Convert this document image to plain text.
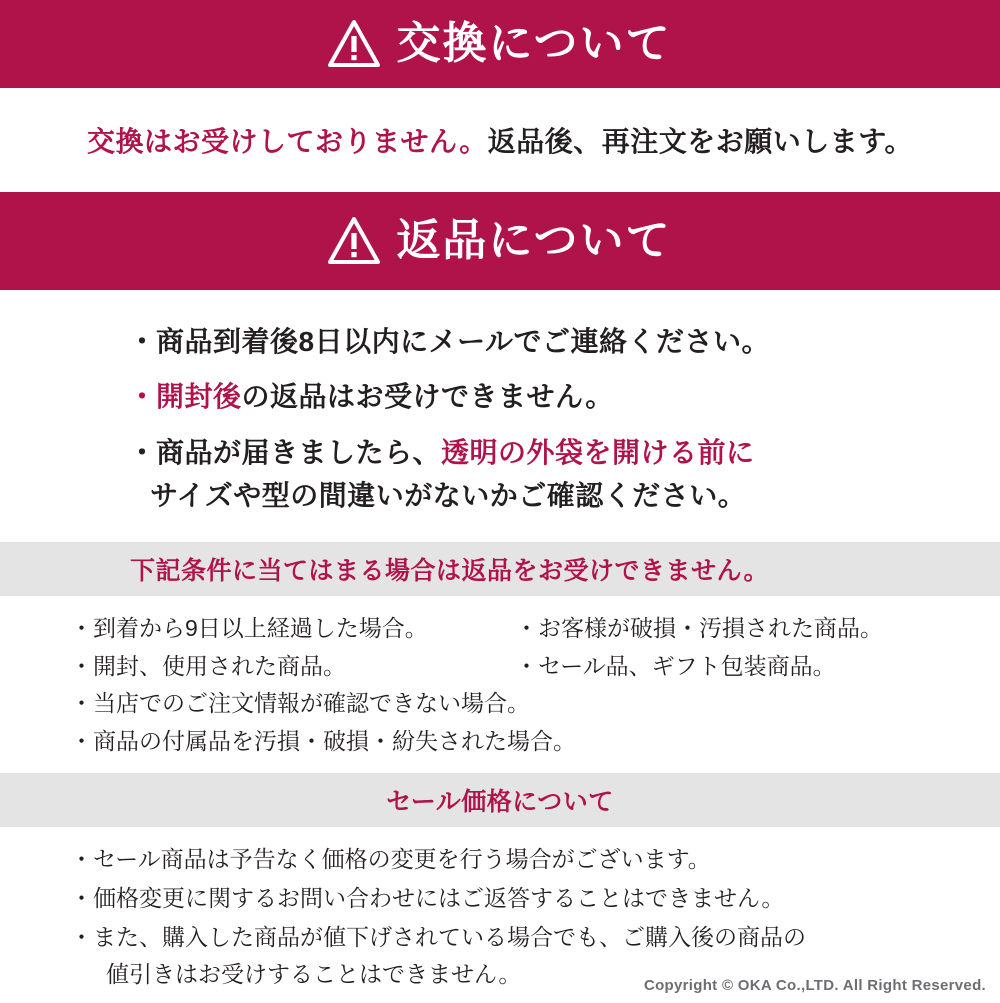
交換について
交換はお受けしておりません。返品後、再注文をお願いします。
返品について
・商品到着後8日以内にメールでご連絡ください。
・開封後の返品はお受けできません。
・商品が届きましたら、透明の外袋を開ける前に
サイズや型の間違いがないかご確認ください。
下記条件に当てはまる場合は返品をお受けできません。
・到着から9日以上経過した場合。
・開封、使用された商品。
・当店でのご注文情報が確認できない場合。
・商品の付属品を汚損・破損・紛失された場合。
・お客様が破損・汚損された商品。
・セール品、ギフト包装商品。
セール価格について
・セール商品は予告なく価格の変更を行う場合がございます。
・価格変更に関するお問い合わせにはご返答することはできません。
・また、購入した商品が値下げされている場合でも、ご購入後の商品の
値引きはお受けすることはできません。	Copyright © OKA Co.,LTD. All Right Reserved.
